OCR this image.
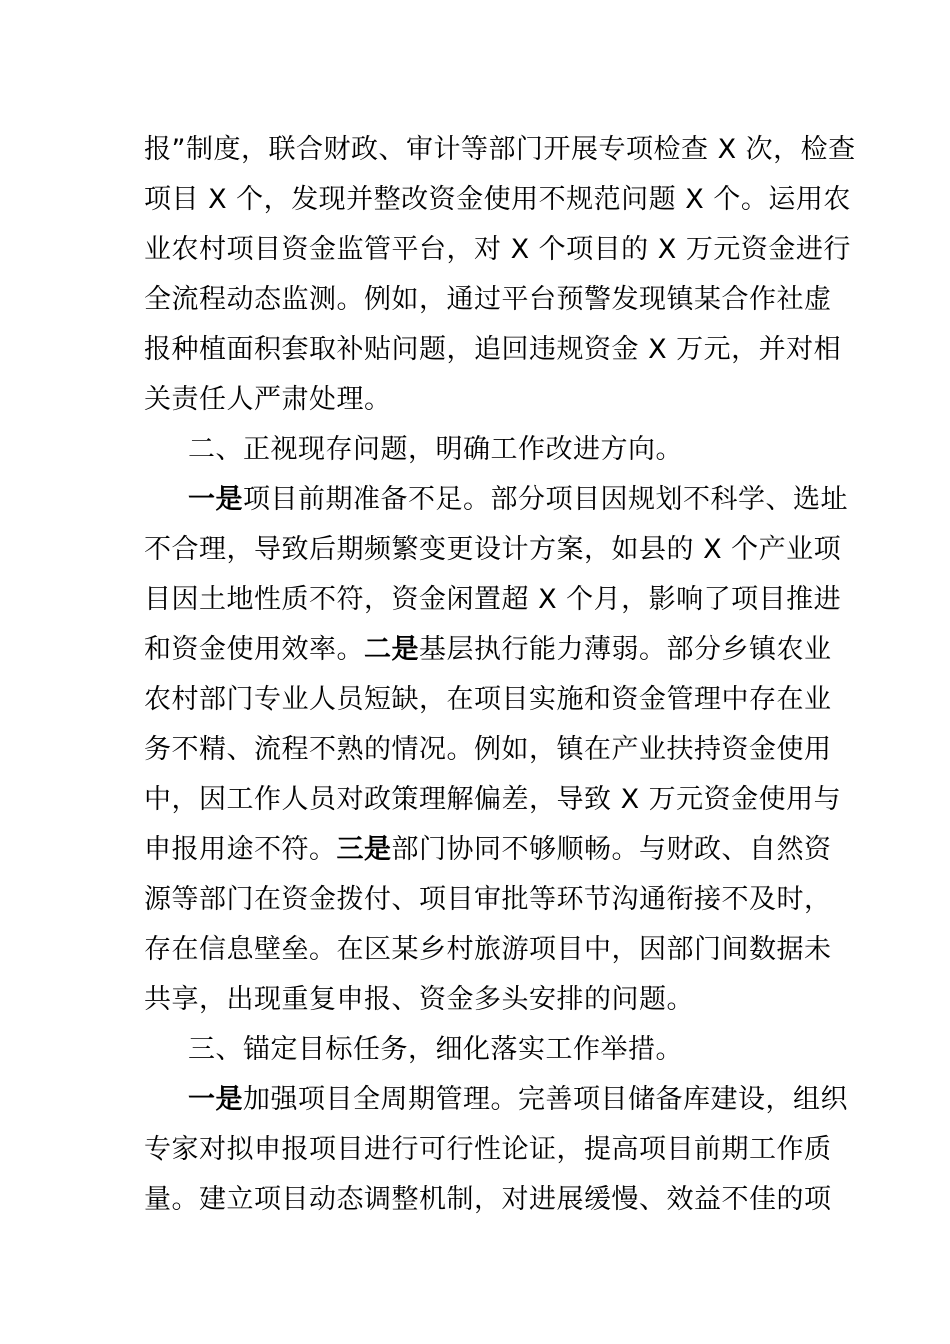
报”制度，联合财政、审计等部门开展专项检查 X 次，检查
项目 X 个，发现并整改资金使用不规范问题 X 个。运用农
业农村项目资金监管平台，对 X 个项目的 X 万元资金进行
全流程动态监测。例如，通过平台预警发现镇某合作社虚
报种植面积套取补贴问题，追回违规资金 X 万元，并对相
关责任人严肃处理。
二、正视现存问题，明确工作改进方向。
一是项目前期准备不足。部分项目因规划不科学、选址
不合理，导致后期频繁变更设计方案，如县的 X 个产业项
目因土地性质不符，资金闲置超 X 个月，影响了项目推进
和资金使用效率。二是基层执行能力薄弱。部分乡镇农业
农村部门专业人员短缺，在项目实施和资金管理中存在业
务不精、流程不熟的情况。例如，镇在产业扶持资金使用
中，因工作人员对政策理解偏差，导致 X 万元资金使用与
申报用途不符。三是部门协同不够顺畅。与财政、自然资
源等部门在资金拨付、项目审批等环节沟通衔接不及时，
存在信息壁垒。在区某乡村旅游项目中，因部门间数据未
共享，出现重复申报、资金多头安排的问题。
三、锚定目标任务，细化落实工作举措。
一是加强项目全周期管理。完善项目储备库建设，组织
专家对拟申报项目进行可行性论证，提高项目前期工作质
量。建立项目动态调整机制，对进展缓慢、效益不佳的项
